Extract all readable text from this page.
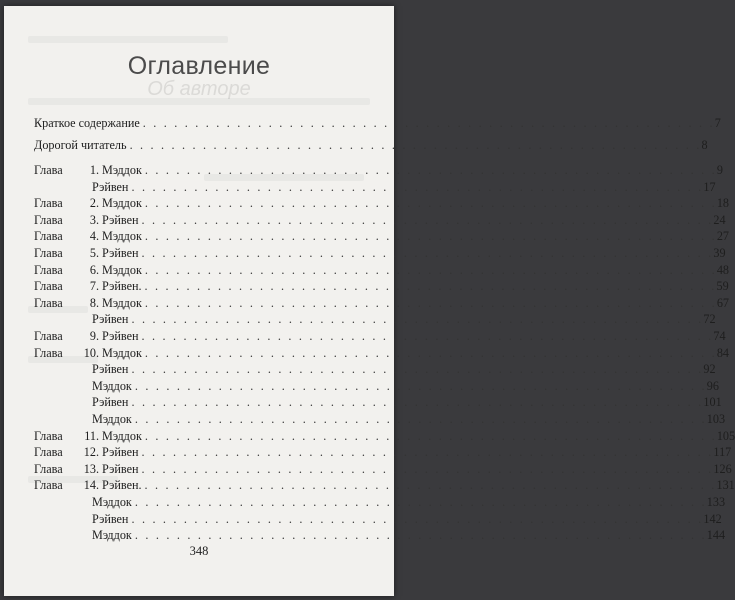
Оглавление
Об авторе
Краткое содержание . . . . . . . . . . . . . . . . . . . . . . . . . . . . . . . . . . . . . . . . . . . . . . . . . . . . . . . 7
Дорогой читатель . . . . . . . . . . . . . . . . . . . . . . . . . . . . . . . . . . . . . . . . . . . . . . . . . . . . . . . 8
Глава 1. Мэддок . . . . . . . . . . . . . . . . . . . . . . . . . . . . . . . . . . . . . . . . . . . . . . . . . . . . . . . 9
Рэйвен . . . . . . . . . . . . . . . . . . . . . . . . . . . . . . . . . . . . . . . . . . . . . . . . . . . . . . . 17
Глава 2. Мэддок . . . . . . . . . . . . . . . . . . . . . . . . . . . . . . . . . . . . . . . . . . . . . . . . . . . . . . . 18
Глава 3. Рэйвен . . . . . . . . . . . . . . . . . . . . . . . . . . . . . . . . . . . . . . . . . . . . . . . . . . . . . . . 24
Глава 4. Мэддок . . . . . . . . . . . . . . . . . . . . . . . . . . . . . . . . . . . . . . . . . . . . . . . . . . . . . . . 27
Глава 5. Рэйвен . . . . . . . . . . . . . . . . . . . . . . . . . . . . . . . . . . . . . . . . . . . . . . . . . . . . . . . 39
Глава 6. Мэддок . . . . . . . . . . . . . . . . . . . . . . . . . . . . . . . . . . . . . . . . . . . . . . . . . . . . . . . 48
Глава 7. Рэйвен. . . . . . . . . . . . . . . . . . . . . . . . . . . . . . . . . . . . . . . . . . . . . . . . . . . . . . . . 59
Глава 8. Мэддок . . . . . . . . . . . . . . . . . . . . . . . . . . . . . . . . . . . . . . . . . . . . . . . . . . . . . . . 67
Рэйвен . . . . . . . . . . . . . . . . . . . . . . . . . . . . . . . . . . . . . . . . . . . . . . . . . . . . . . . 72
Глава 9. Рэйвен . . . . . . . . . . . . . . . . . . . . . . . . . . . . . . . . . . . . . . . . . . . . . . . . . . . . . . . 74
Глава 10. Мэддок . . . . . . . . . . . . . . . . . . . . . . . . . . . . . . . . . . . . . . . . . . . . . . . . . . . . . . . 84
Рэйвен . . . . . . . . . . . . . . . . . . . . . . . . . . . . . . . . . . . . . . . . . . . . . . . . . . . . . . . 92
Мэддок . . . . . . . . . . . . . . . . . . . . . . . . . . . . . . . . . . . . . . . . . . . . . . . . . . . . . . . 96
Рэйвен . . . . . . . . . . . . . . . . . . . . . . . . . . . . . . . . . . . . . . . . . . . . . . . . . . . . . . . 101
Мэддок . . . . . . . . . . . . . . . . . . . . . . . . . . . . . . . . . . . . . . . . . . . . . . . . . . . . . . . 103
Глава 11. Мэддок . . . . . . . . . . . . . . . . . . . . . . . . . . . . . . . . . . . . . . . . . . . . . . . . . . . . . . . 105
Глава 12. Рэйвен . . . . . . . . . . . . . . . . . . . . . . . . . . . . . . . . . . . . . . . . . . . . . . . . . . . . . . . 117
Глава 13. Рэйвен . . . . . . . . . . . . . . . . . . . . . . . . . . . . . . . . . . . . . . . . . . . . . . . . . . . . . . . 126
Глава 14. Рэйвен. . . . . . . . . . . . . . . . . . . . . . . . . . . . . . . . . . . . . . . . . . . . . . . . . . . . . . . . 131
Мэддок . . . . . . . . . . . . . . . . . . . . . . . . . . . . . . . . . . . . . . . . . . . . . . . . . . . . . . . 133
Рэйвен . . . . . . . . . . . . . . . . . . . . . . . . . . . . . . . . . . . . . . . . . . . . . . . . . . . . . . . 142
Мэддок . . . . . . . . . . . . . . . . . . . . . . . . . . . . . . . . . . . . . . . . . . . . . . . . . . . . . . . 144
348
